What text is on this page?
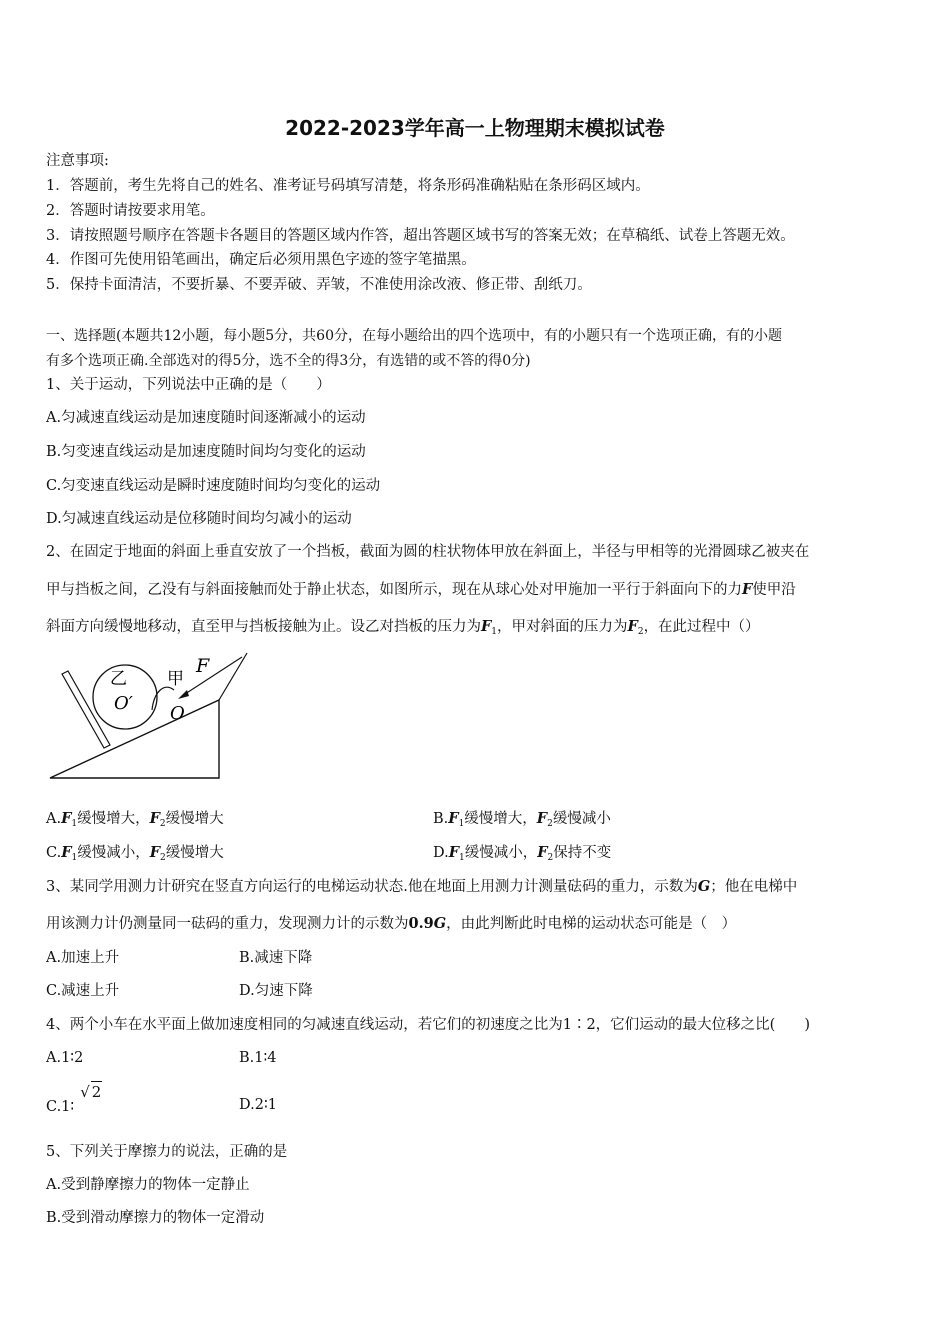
2022-2023学年高一上物理期末模拟试卷
注意事项:
1．答题前，考生先将自己的姓名、准考证号码填写清楚，将条形码准确粘贴在条形码区域内。
2．答题时请按要求用笔。
3．请按照题号顺序在答题卡各题目的答题区域内作答，超出答题区域书写的答案无效；在草稿纸、试卷上答题无效。
4．作图可先使用铅笔画出，确定后必须用黑色字迹的签字笔描黑。
5．保持卡面清洁，不要折暴、不要弄破、弄皱，不准使用涂改液、修正带、刮纸刀。
一、选择题(本题共12小题，每小题5分，共60分，在每小题给出的四个选项中，有的小题只有一个选项正确，有的小题
有多个选项正确.全部选对的得5分，选不全的得3分，有选错的或不答的得0分)
1、关于运动，下列说法中正确的是（　　）
A.匀减速直线运动是加速度随时间逐渐减小的运动
B.匀变速直线运动是加速度随时间均匀变化的运动
C.匀变速直线运动是瞬时速度随时间均匀变化的运动
D.匀减速直线运动是位移随时间均匀减小的运动
2、在固定于地面的斜面上垂直安放了一个挡板，截面为圆的柱状物体甲放在斜面上，半径与甲相等的光滑圆球乙被夹在
甲与挡板之间，乙没有与斜面接触而处于静止状态，如图所示，现在从球心处对甲施加一平行于斜面向下的力F使甲沿
斜面方向缓慢地移动，直至甲与挡板接触为止。设乙对挡板的压力为$F_1$，甲对斜面的压力为$F_2$，在此过程中（）
乙 甲
F
O′ O
$A.F_1$缓慢增大，$F_2$缓慢增大	$B.F_1$缓慢增大，$F_2$缓慢减小
$C.F_1$缓慢减小，$F_2$缓慢增大	$D.F_1$缓慢减小，$F_2$保持不变
3、某同学用测力计研究在竖直方向运行的电梯运动状态.他在地面上用测力计测量砝码的重力，示数为G；他在电梯中
用该测力计仍测量同一砝码的重力，发现测力计的示数为0.9G，由此判断此时电梯的运动状态可能是（　）
A.加速上升	B.减速下降
C.减速上升	D.匀速下降
4、两个小车在水平面上做加速度相同的匀减速直线运动，若它们的初速度之比为1∶2，它们运动的最大位移之比(　　)
A.1∶2	B.1∶4
C.1∶√ 2
D.2∶1
5、下列关于摩擦力的说法，正确的是
A.受到静摩擦力的物体一定静止
B.受到滑动摩擦力的物体一定滑动
